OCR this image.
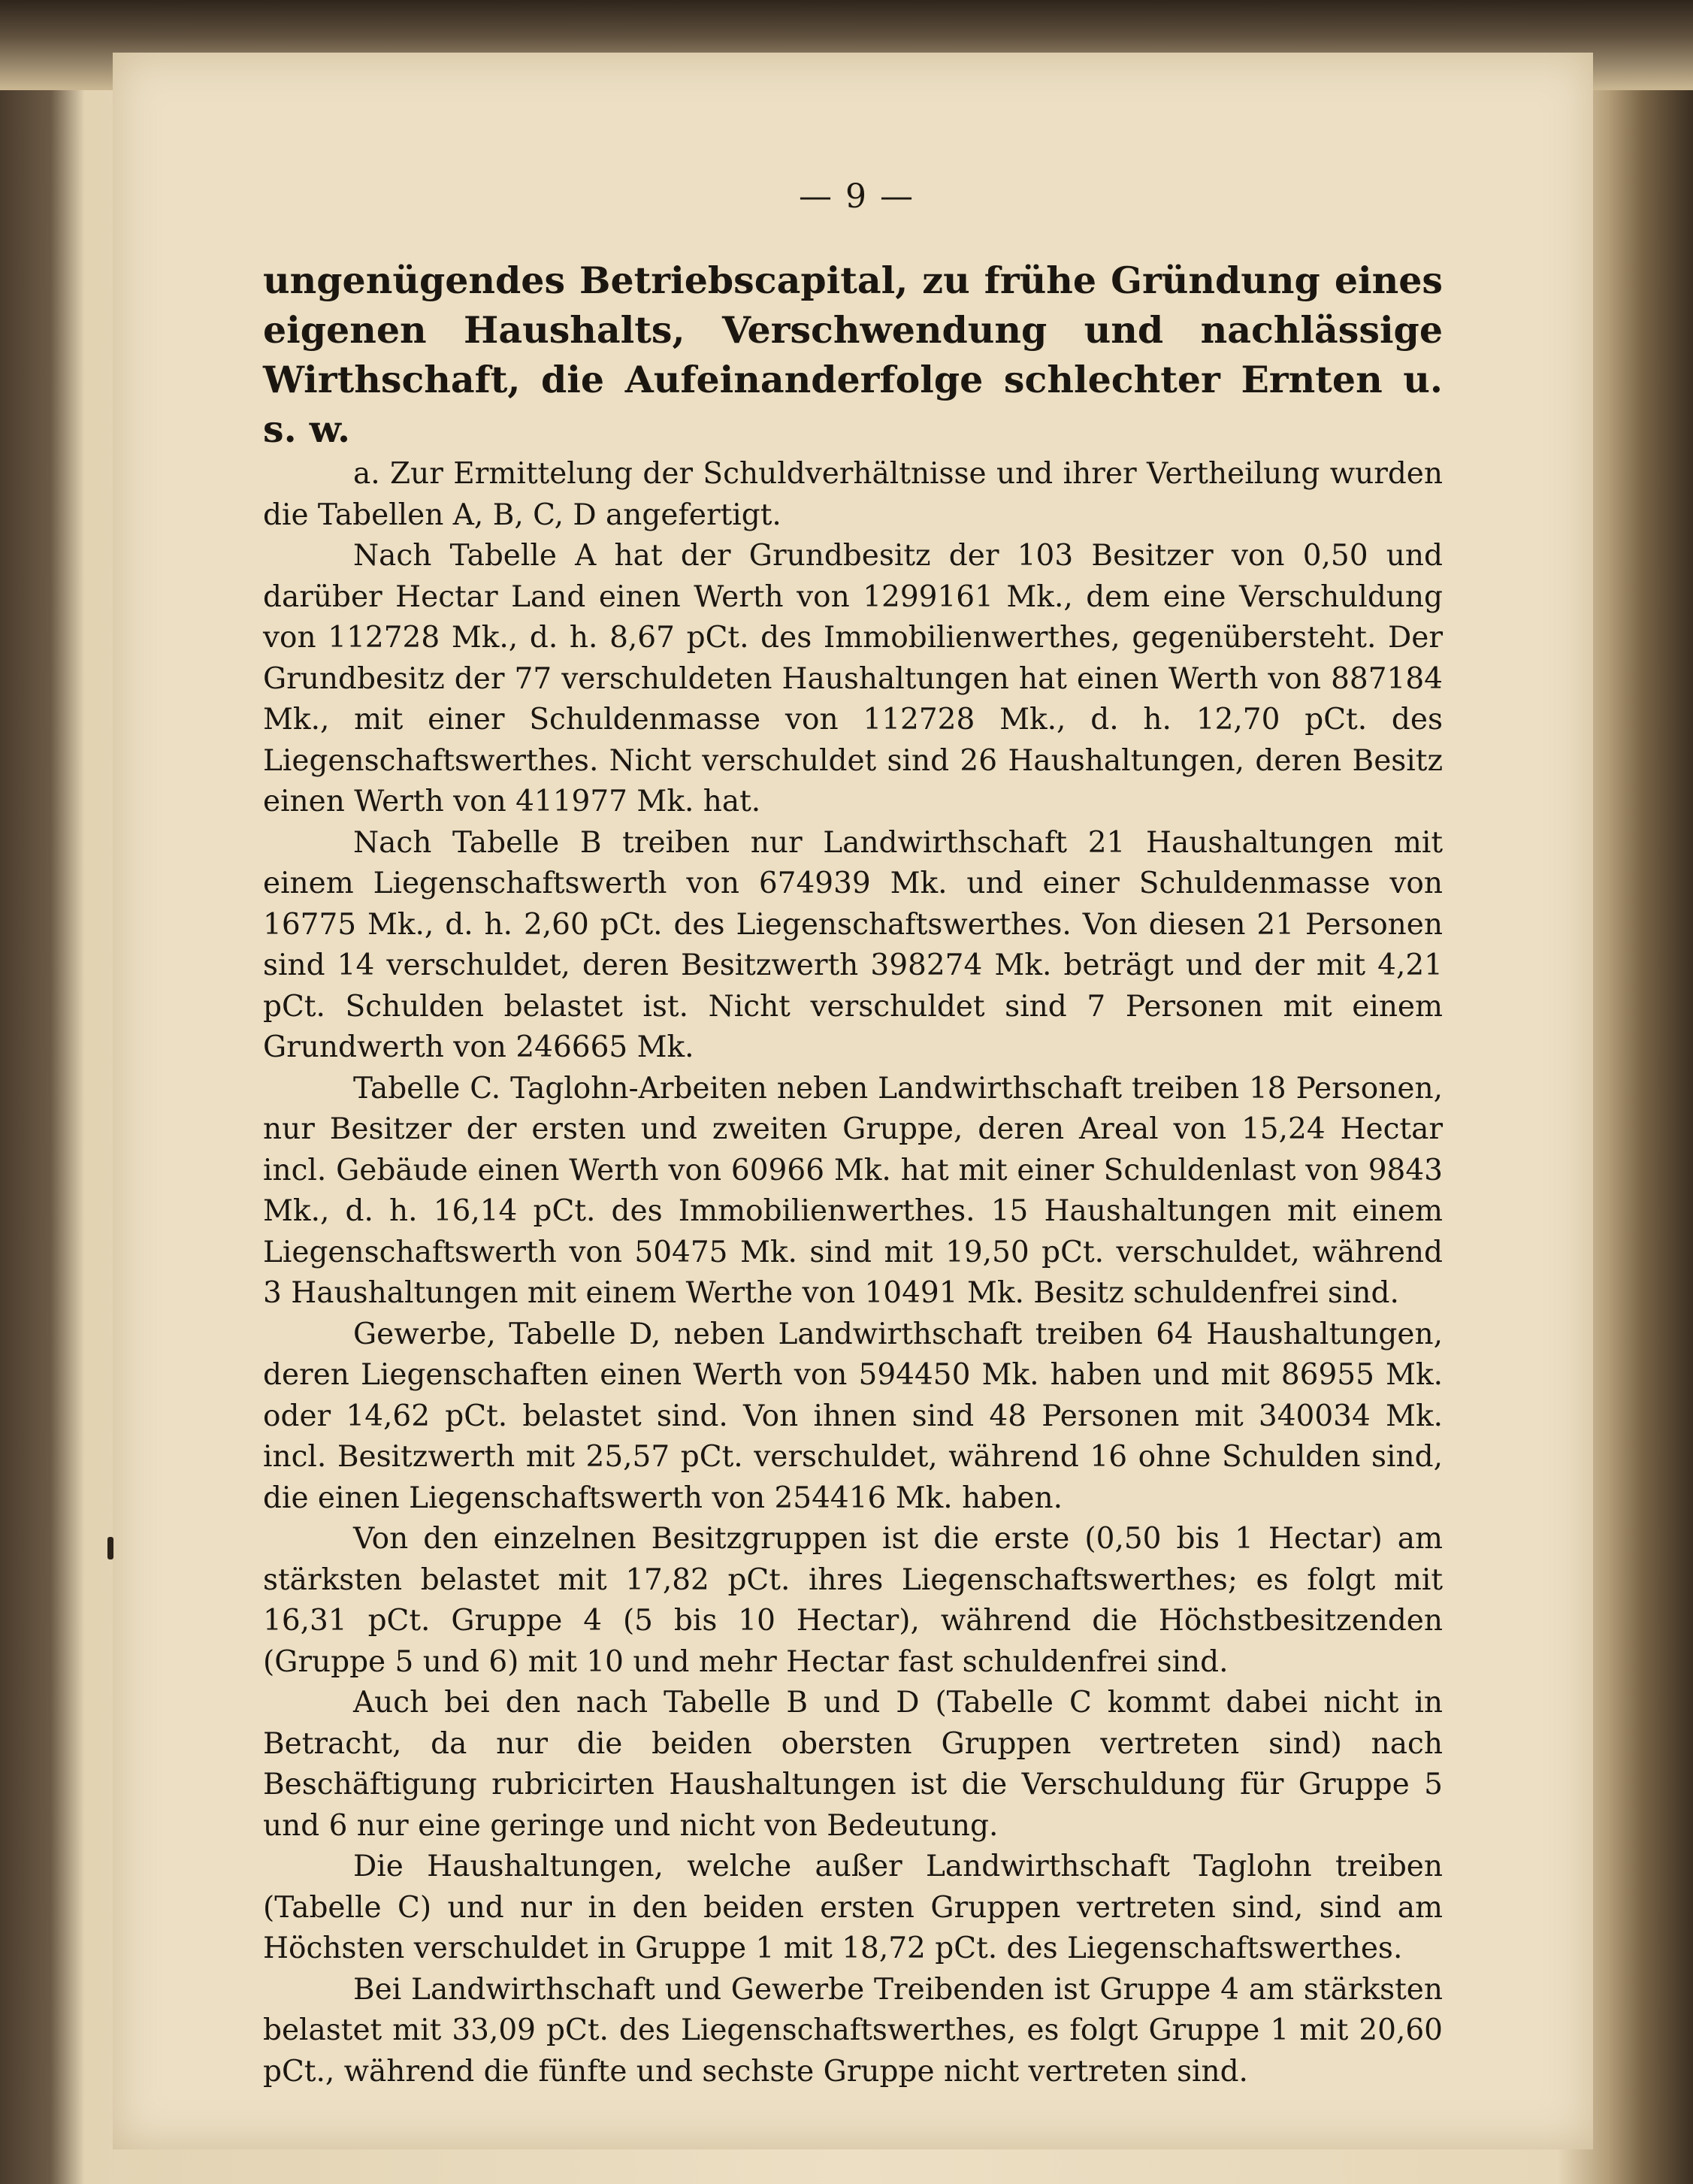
— 9 —

ungenügendes Betriebscapital, zu frühe Gründung eines eigenen Haushalts, Verschwendung und nachlässige Wirthschaft, die Aufeinanderfolge schlechter Ernten u. s. w.

a. Zur Ermittelung der Schuldverhältnisse und ihrer Vertheilung wurden die Tabellen A, B, C, D angefertigt.

Nach Tabelle A hat der Grundbesitz der 103 Besitzer von 0,50 und darüber Hectar Land einen Werth von 1299161 Mk., dem eine Verschuldung von 112728 Mk., d. h. 8,67 pCt. des Immobilienwerthes, gegenübersteht. Der Grundbesitz der 77 verschuldeten Haushaltungen hat einen Werth von 887184 Mk., mit einer Schuldenmasse von 112728 Mk., d. h. 12,70 pCt. des Liegenschaftswerthes. Nicht verschuldet sind 26 Haushaltungen, deren Besitz einen Werth von 411977 Mk. hat.

Nach Tabelle B treiben nur Landwirthschaft 21 Haushaltungen mit einem Liegenschaftswerth von 674939 Mk. und einer Schuldenmasse von 16775 Mk., d. h. 2,60 pCt. des Liegenschaftswerthes. Von diesen 21 Personen sind 14 verschuldet, deren Besitzwerth 398274 Mk. beträgt und der mit 4,21 pCt. Schulden belastet ist. Nicht verschuldet sind 7 Personen mit einem Grundwerth von 246665 Mk.

Tabelle C. Taglohn-Arbeiten neben Landwirthschaft treiben 18 Personen, nur Besitzer der ersten und zweiten Gruppe, deren Areal von 15,24 Hectar incl. Gebäude einen Werth von 60966 Mk. hat mit einer Schuldenlast von 9843 Mk., d. h. 16,14 pCt. des Immobilienwerthes. 15 Haushaltungen mit einem Liegenschaftswerth von 50475 Mk. sind mit 19,50 pCt. verschuldet, während 3 Haushaltungen mit einem Werthe von 10491 Mk. Besitz schuldenfrei sind.

Gewerbe, Tabelle D, neben Landwirthschaft treiben 64 Haushaltungen, deren Liegenschaften einen Werth von 594450 Mk. haben und mit 86955 Mk. oder 14,62 pCt. belastet sind. Von ihnen sind 48 Personen mit 340034 Mk. incl. Besitzwerth mit 25,57 pCt. verschuldet, während 16 ohne Schulden sind, die einen Liegenschaftswerth von 254416 Mk. haben.

Von den einzelnen Besitzgruppen ist die erste (0,50 bis 1 Hectar) am stärksten belastet mit 17,82 pCt. ihres Liegenschaftswerthes; es folgt mit 16,31 pCt. Gruppe 4 (5 bis 10 Hectar), während die Höchstbesitzenden (Gruppe 5 und 6) mit 10 und mehr Hectar fast schuldenfrei sind.

Auch bei den nach Tabelle B und D (Tabelle C kommt dabei nicht in Betracht, da nur die beiden obersten Gruppen vertreten sind) nach Beschäftigung rubricirten Haushaltungen ist die Verschuldung für Gruppe 5 und 6 nur eine geringe und nicht von Bedeutung.

Die Haushaltungen, welche außer Landwirthschaft Taglohn treiben (Tabelle C) und nur in den beiden ersten Gruppen vertreten sind, sind am Höchsten verschuldet in Gruppe 1 mit 18,72 pCt. des Liegenschaftswerthes.

Bei Landwirthschaft und Gewerbe Treibenden ist Gruppe 4 am stärksten belastet mit 33,09 pCt. des Liegenschaftswerthes, es folgt Gruppe 1 mit 20,60 pCt., während die fünfte und sechste Gruppe nicht vertreten sind.
